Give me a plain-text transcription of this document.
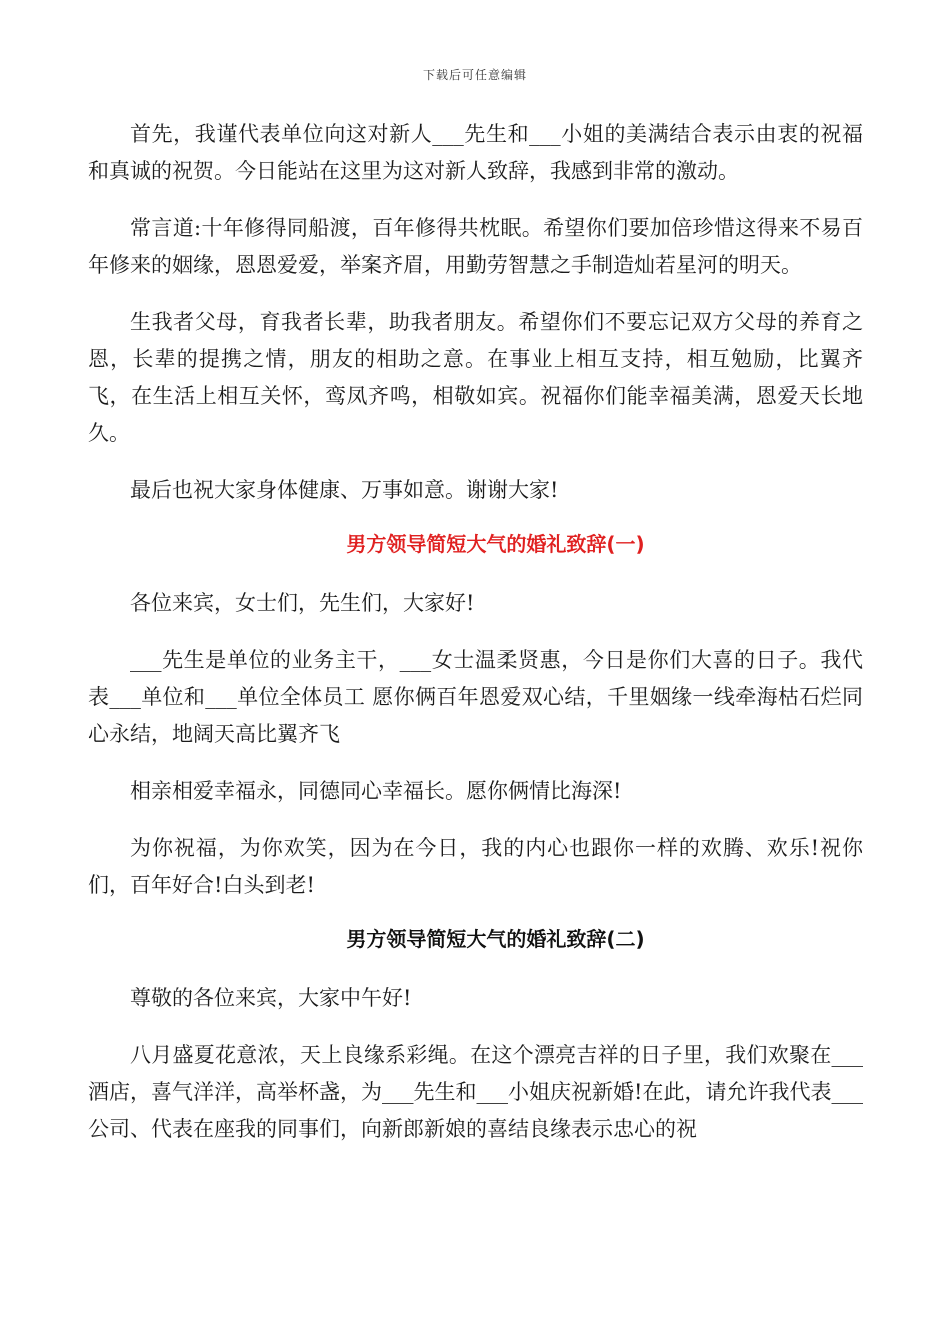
下载后可任意编辑

首先，我谨代表单位向这对新人___先生和___小姐的美满结合表示由衷的祝福和真诚的祝贺。今日能站在这里为这对新人致辞，我感到非常的激动。

常言道:十年修得同船渡，百年修得共枕眠。希望你们要加倍珍惜这得来不易百年修来的姻缘，恩恩爱爱，举案齐眉，用勤劳智慧之手制造灿若星河的明天。

生我者父母，育我者长辈，助我者朋友。希望你们不要忘记双方父母的养育之恩，长辈的提携之情，朋友的相助之意。在事业上相互支持，相互勉励，比翼齐飞，在生活上相互关怀，鸾凤齐鸣，相敬如宾。祝福你们能幸福美满，恩爱天长地久。

最后也祝大家身体健康、万事如意。谢谢大家!

男方领导简短大气的婚礼致辞(一)

各位来宾，女士们，先生们，大家好!

___先生是单位的业务主干，___女士温柔贤惠，今日是你们大喜的日子。我代表___单位和___单位全体员工 愿你俩百年恩爱双心结，千里姻缘一线牵海枯石烂同心永结，地阔天高比翼齐飞

相亲相爱幸福永，同德同心幸福长。愿你俩情比海深!

为你祝福，为你欢笑，因为在今日，我的内心也跟你一样的欢腾、欢乐!祝你们，百年好合!白头到老!

男方领导简短大气的婚礼致辞(二)

尊敬的各位来宾，大家中午好!

八月盛夏花意浓，天上良缘系彩绳。在这个漂亮吉祥的日子里，我们欢聚在___酒店，喜气洋洋，高举杯盏，为___先生和___小姐庆祝新婚!在此，请允许我代表___公司、代表在座我的同事们，向新郎新娘的喜结良缘表示忠心的祝
